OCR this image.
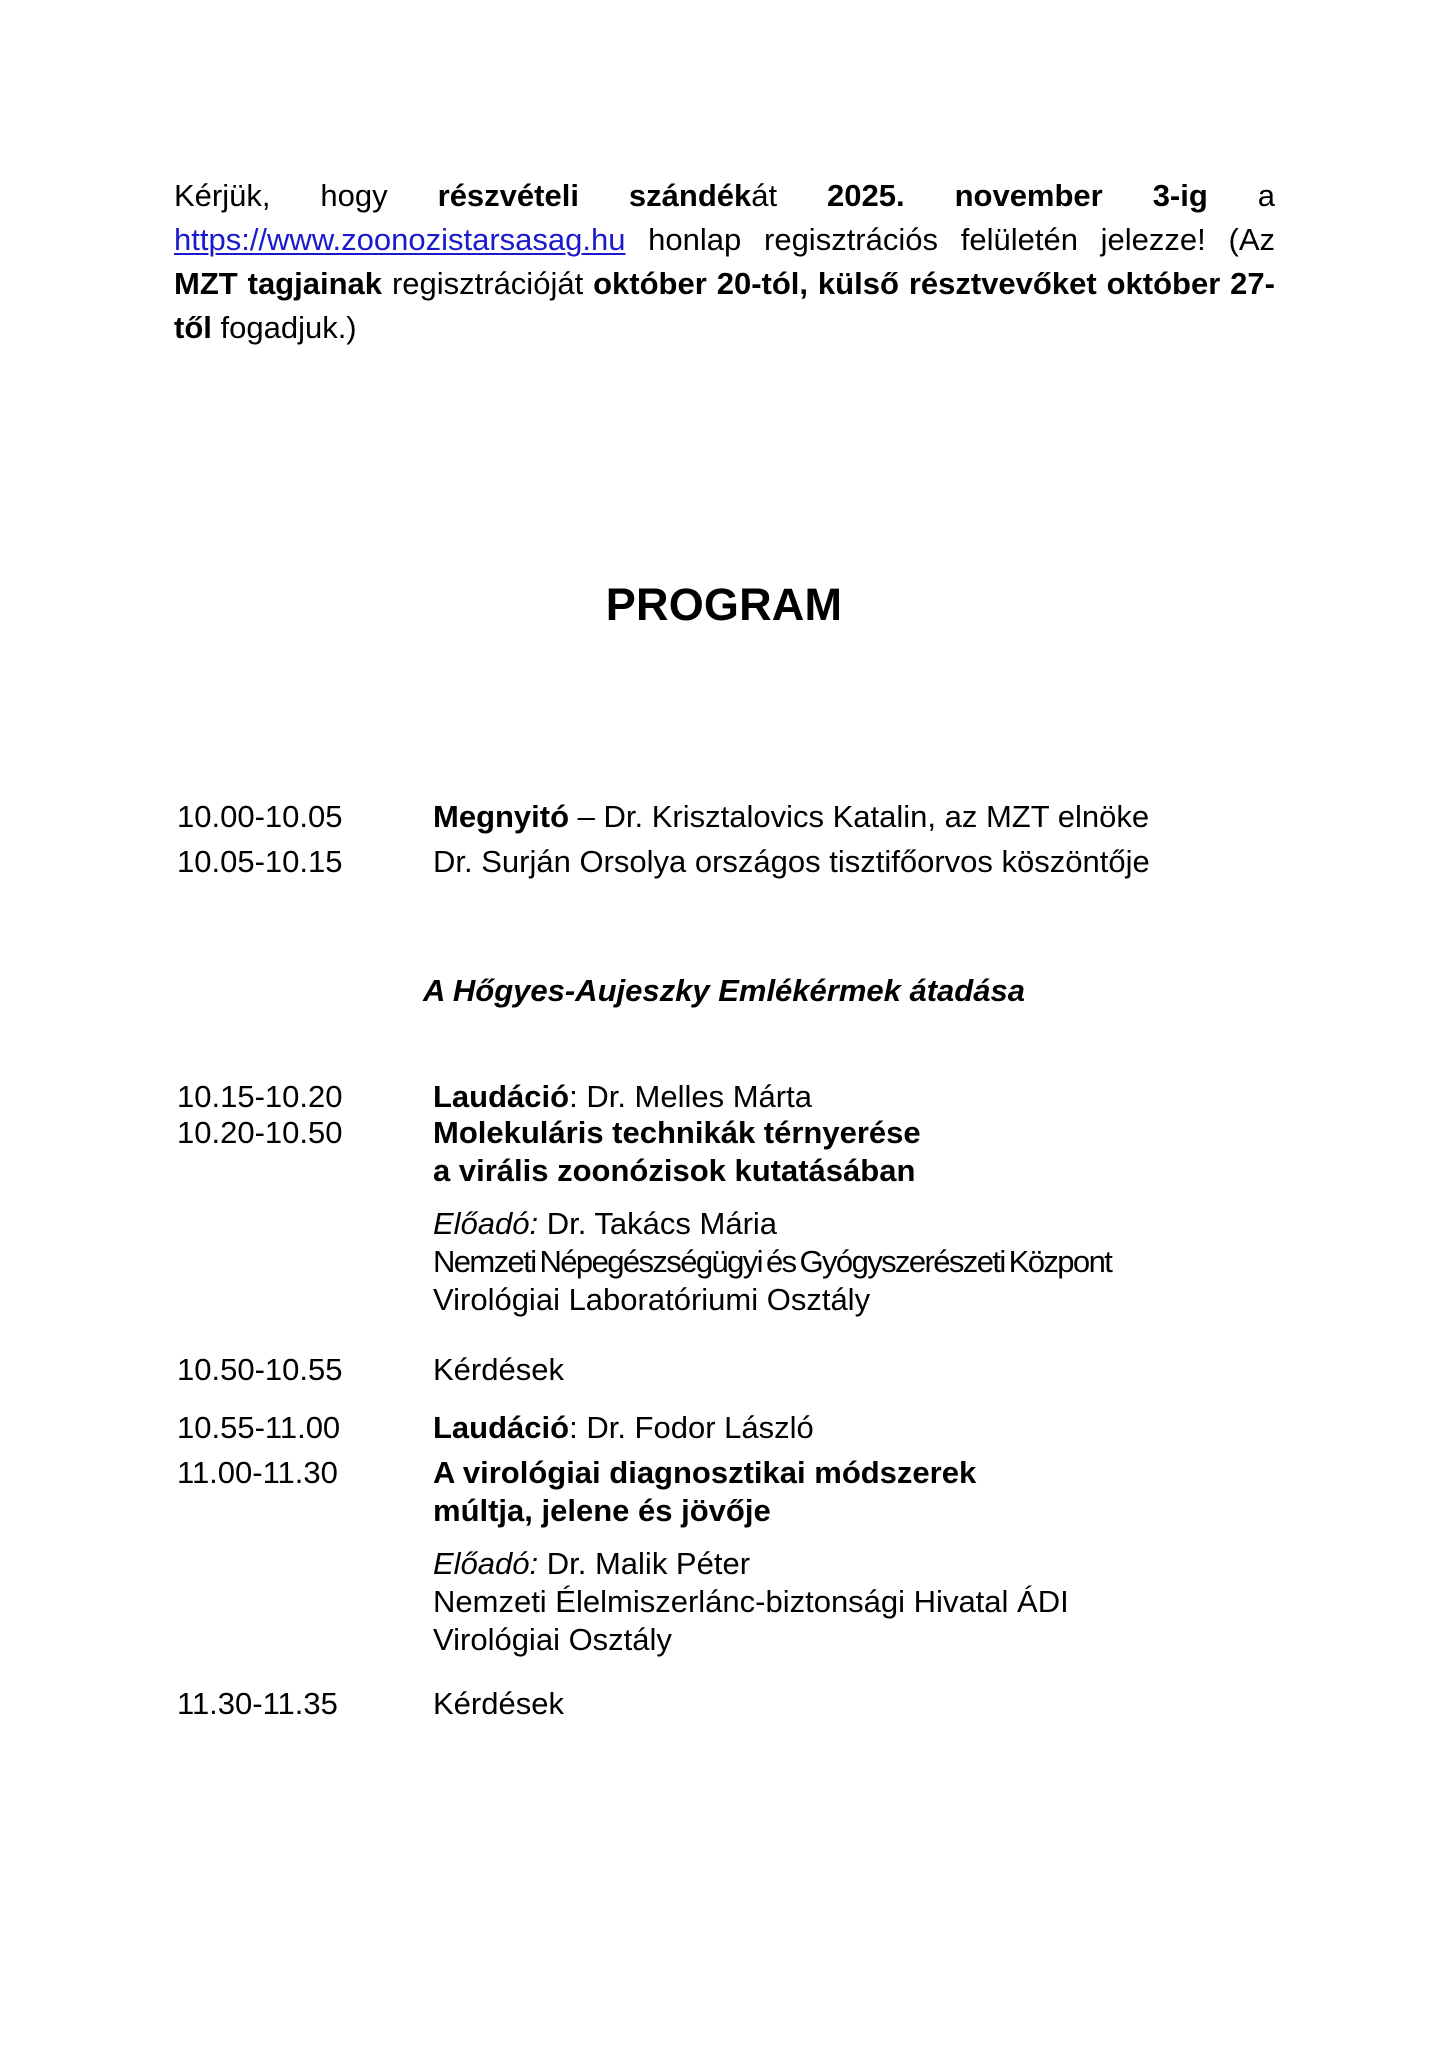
Kérjük, hogy részvételi szándékát 2025. november 3-ig a https://www.zoonozistarsasag.hu honlap regisztrációs felületén jelezze! (Az MZT tagjainak regisztrációját október 20-tól, külső résztvevőket október 27-től fogadjuk.)

PROGRAM
10.00-10.05	Megnyitó – Dr. Krisztalovics Katalin, az MZT elnöke
10.05-10.15	Dr. Surján Orsolya országos tisztifőorvos köszöntője
A Hőgyes-Aujeszky Emlékérmek átadása
10.15-10.20	Laudáció: Dr. Melles Márta
10.20-10.50	Molekuláris technikák térnyerése
a virális zoonózisok kutatásában
Előadó: Dr. Takács Mária
Nemzeti Népegészségügyi és Gyógyszerészeti Központ
Virológiai Laboratóriumi Osztály
10.50-10.55	Kérdések
10.55-11.00	Laudáció: Dr. Fodor László
11.00-11.30	A virológiai diagnosztikai módszerek
múltja, jelene és jövője
Előadó: Dr. Malik Péter
Nemzeti Élelmiszerlánc-biztonsági Hivatal ÁDI
Virológiai Osztály
11.30-11.35	Kérdések
